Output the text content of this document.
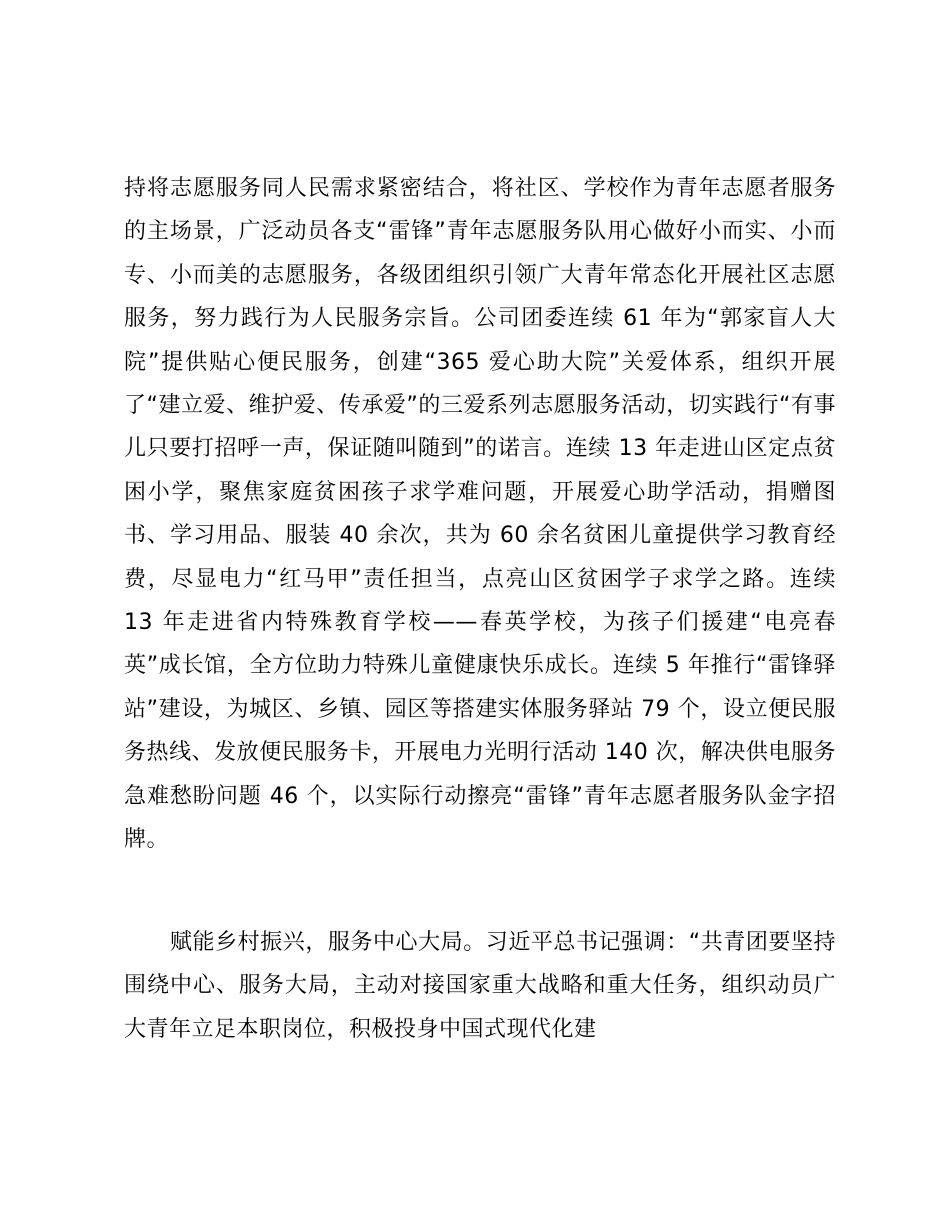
持将志愿服务同人民需求紧密结合，将社区、学校作为青年志愿者服务的主场景，广泛动员各支“雷锋”青年志愿服务队用心做好小而实、小而专、小而美的志愿服务，各级团组织引领广大青年常态化开展社区志愿服务，努力践行为人民服务宗旨。公司团委连续 61 年为“郭家盲人大院”提供贴心便民服务，创建“365 爱心助大院”关爱体系，组织开展了“建立爱、维护爱、传承爱”的三爱系列志愿服务活动，切实践行“有事儿只要打招呼一声，保证随叫随到”的诺言。连续 13 年走进山区定点贫困小学，聚焦家庭贫困孩子求学难问题，开展爱心助学活动，捐赠图书、学习用品、服装 40 余次，共为 60 余名贫困儿童提供学习教育经费，尽显电力“红马甲”责任担当，点亮山区贫困学子求学之路。连续 13 年走进省内特殊教育学校——春英学校，为孩子们援建“电亮春英”成长馆，全方位助力特殊儿童健康快乐成长。连续 5 年推行“雷锋驿站”建设，为城区、乡镇、园区等搭建实体服务驿站 79 个，设立便民服务热线、发放便民服务卡，开展电力光明行活动 140 次，解决供电服务急难愁盼问题 46 个，以实际行动擦亮“雷锋”青年志愿者服务队金字招牌。

赋能乡村振兴，服务中心大局。习近平总书记强调：“共青团要坚持围绕中心、服务大局，主动对接国家重大战略和重大任务，组织动员广大青年立足本职岗位，积极投身中国式现代化建
